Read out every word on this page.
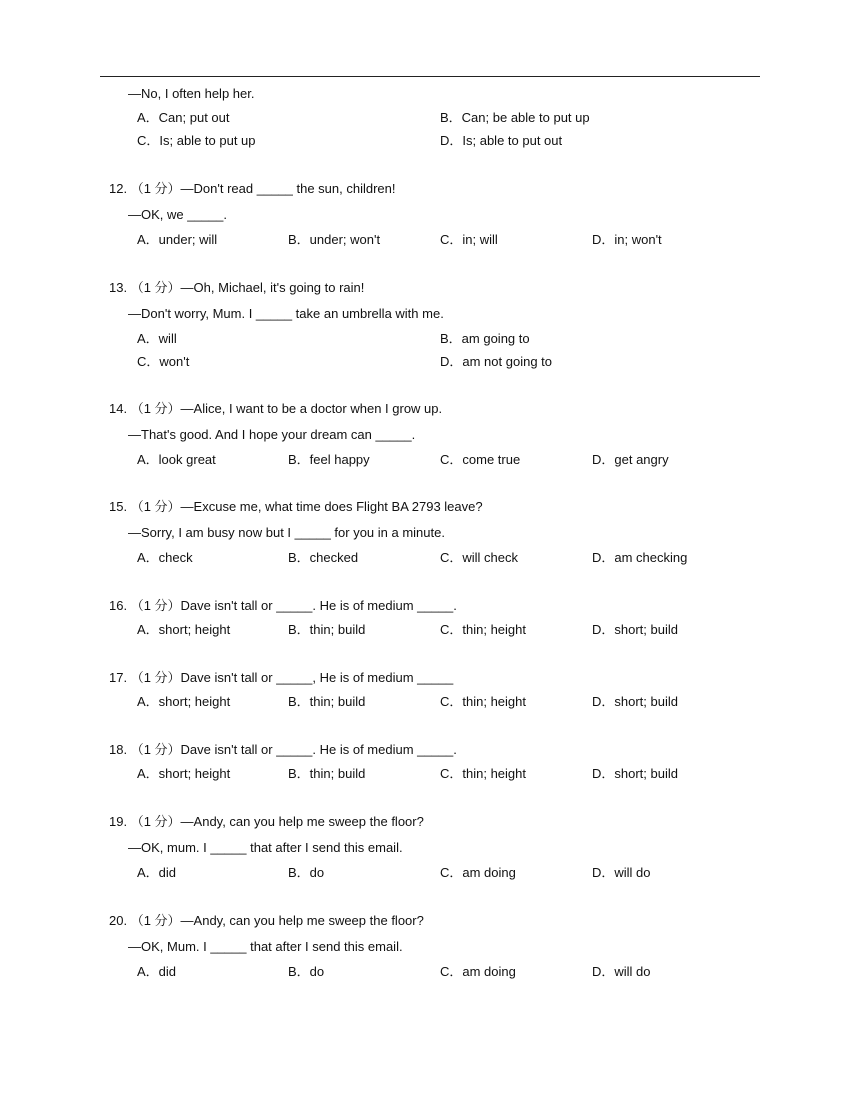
—No, I often help her.
A．Can; put out	B．Can; be able to put up
C．Is; able to put up	D．Is; able to put out
12. （1 分）—Don't read _____ the sun, children!
—OK, we _____.
A．under; will	B．under; won't	C．in; will	D．in; won't
13. （1 分）—Oh, Michael, it's going to rain!
—Don't worry, Mum. I _____ take an umbrella with me.
A．will	B．am going to
C．won't	D．am not going to
14. （1 分）—Alice, I want to be a doctor when I grow up.
—That's good. And I hope your dream can _____.
A．look great	B．feel happy	C．come true	D．get angry
15. （1 分）—Excuse me, what time does Flight BA 2793 leave?
—Sorry, I am busy now but I _____ for you in a minute.
A．check	B．checked	C．will check	D．am checking
16. （1 分）Dave isn't tall or _____. He is of medium _____.
A．short; height	B．thin; build	C．thin; height	D．short; build
17. （1 分）Dave isn't tall or _____, He is of medium _____
A．short; height	B．thin; build	C．thin; height	D．short; build
18. （1 分）Dave isn't tall or _____. He is of medium _____.
A．short; height	B．thin; build	C．thin; height	D．short; build
19. （1 分）—Andy, can you help me sweep the floor?
—OK, mum. I _____ that after I send this email.
A．did	B．do	C．am doing	D．will do
20. （1 分）—Andy, can you help me sweep the floor?
—OK, Mum. I _____ that after I send this email.
A．did	B．do	C．am doing	D．will do
